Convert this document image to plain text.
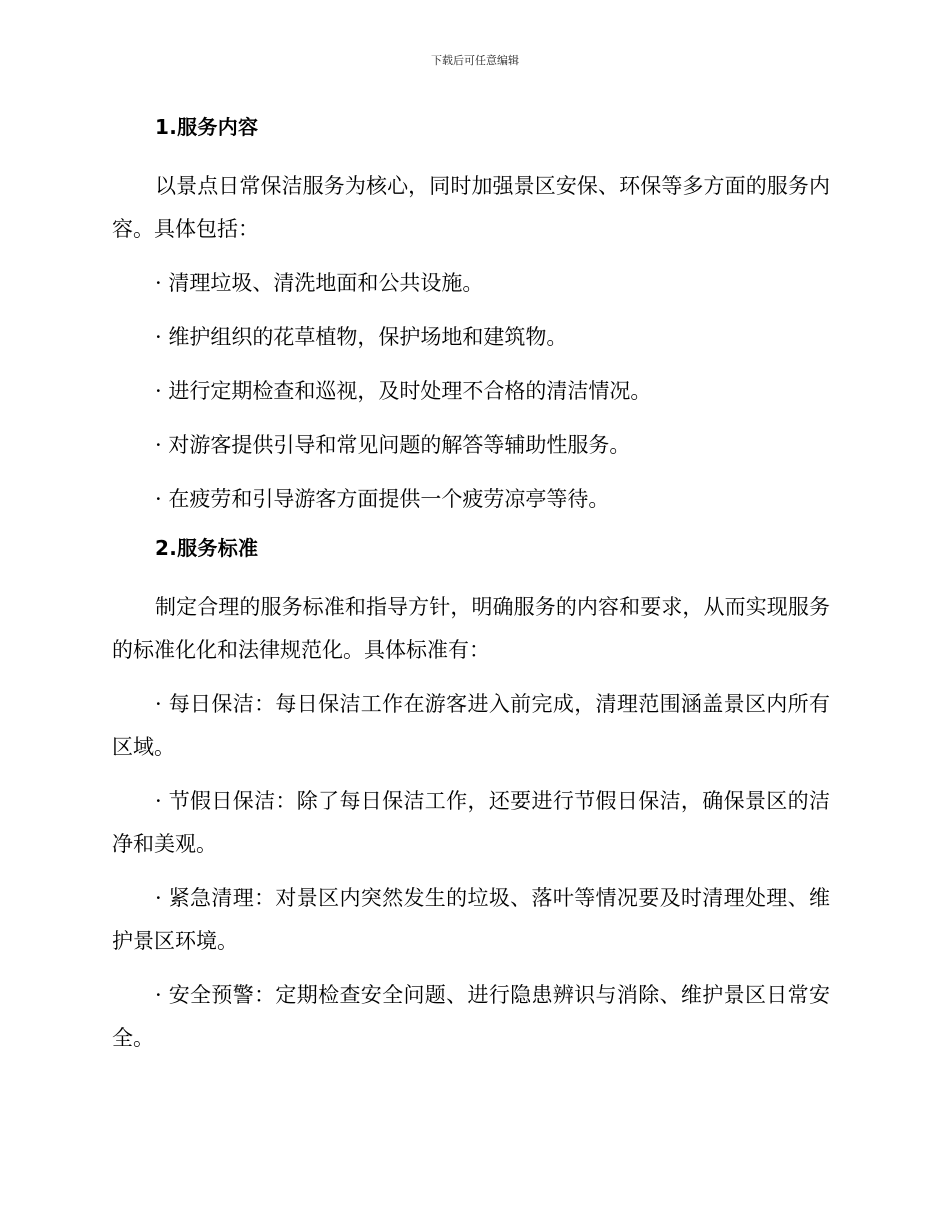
下载后可任意编辑
1.服务内容
以景点日常保洁服务为核心，同时加强景区安保、环保等多方面的服务内容。具体包括：
· 清理垃圾、清洗地面和公共设施。
· 维护组织的花草植物，保护场地和建筑物。
· 进行定期检查和巡视，及时处理不合格的清洁情况。
· 对游客提供引导和常见问题的解答等辅助性服务。
· 在疲劳和引导游客方面提供一个疲劳凉亭等待。
2.服务标准
制定合理的服务标准和指导方针，明确服务的内容和要求，从而实现服务的标准化化和法律规范化。具体标准有：
· 每日保洁：每日保洁工作在游客进入前完成，清理范围涵盖景区内所有区域。
· 节假日保洁：除了每日保洁工作，还要进行节假日保洁，确保景区的洁净和美观。
· 紧急清理：对景区内突然发生的垃圾、落叶等情况要及时清理处理、维护景区环境。
· 安全预警：定期检查安全问题、进行隐患辨识与消除、维护景区日常安全。
